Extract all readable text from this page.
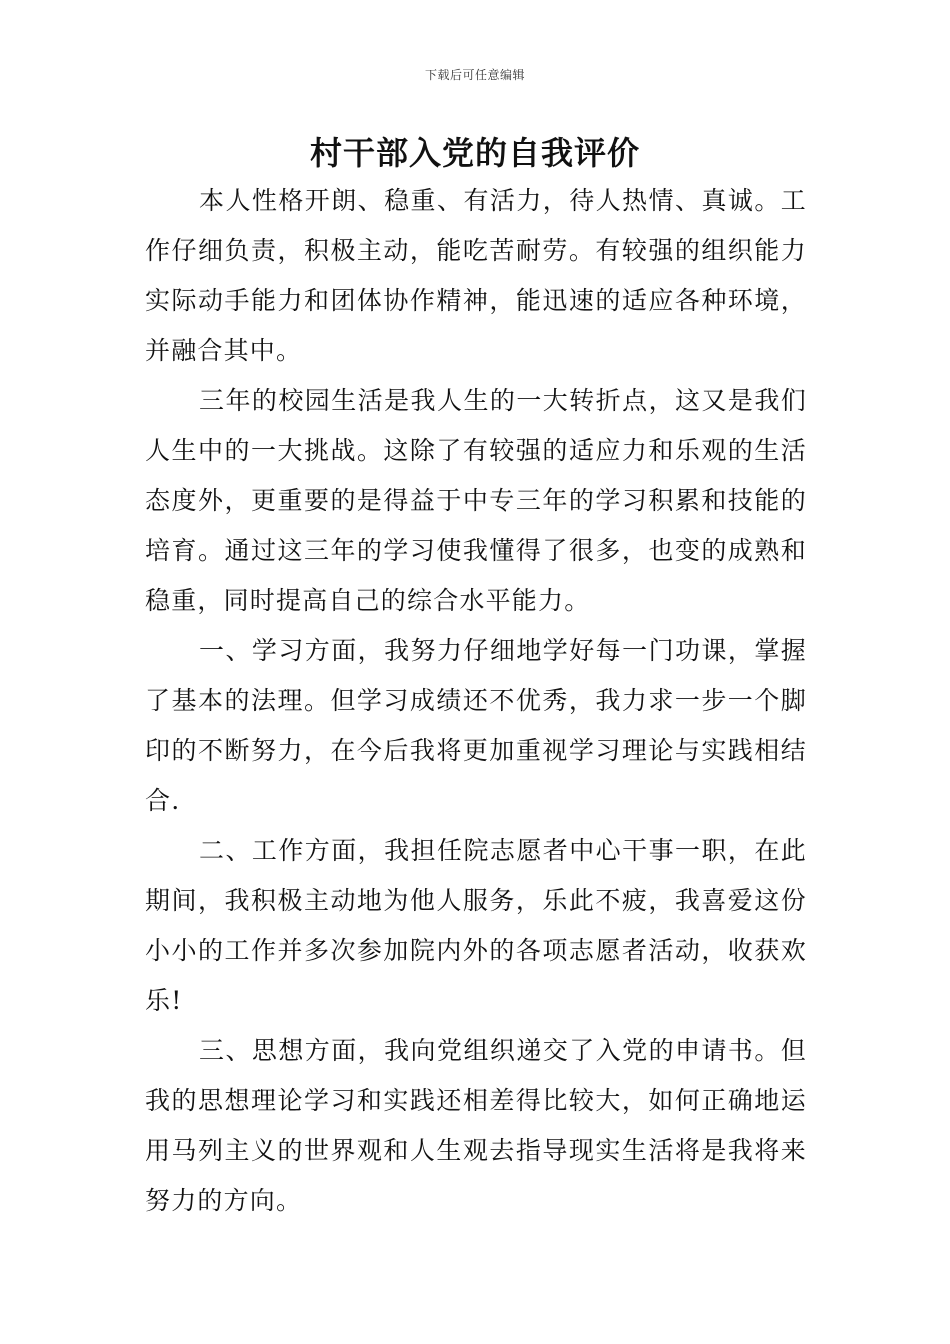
下载后可任意编辑
村干部入党的自我评价

本人性格开朗、稳重、有活力，待人热情、真诚。工作仔细负责，积极主动，能吃苦耐劳。有较强的组织能力实际动手能力和团体协作精神，能迅速的适应各种环境，并融合其中。

三年的校园生活是我人生的一大转折点，这又是我们人生中的一大挑战。这除了有较强的适应力和乐观的生活态度外，更重要的是得益于中专三年的学习积累和技能的培育。通过这三年的学习使我懂得了很多，也变的成熟和稳重，同时提高自己的综合水平能力。

一、学习方面，我努力仔细地学好每一门功课，掌握了基本的法理。但学习成绩还不优秀，我力求一步一个脚印的不断努力，在今后我将更加重视学习理论与实践相结合.

二、工作方面，我担任院志愿者中心干事一职，在此期间，我积极主动地为他人服务，乐此不疲，我喜爱这份小小的工作并多次参加院内外的各项志愿者活动，收获欢乐!

三、思想方面，我向党组织递交了入党的申请书。但我的思想理论学习和实践还相差得比较大，如何正确地运用马列主义的世界观和人生观去指导现实生活将是我将来努力的方向。
